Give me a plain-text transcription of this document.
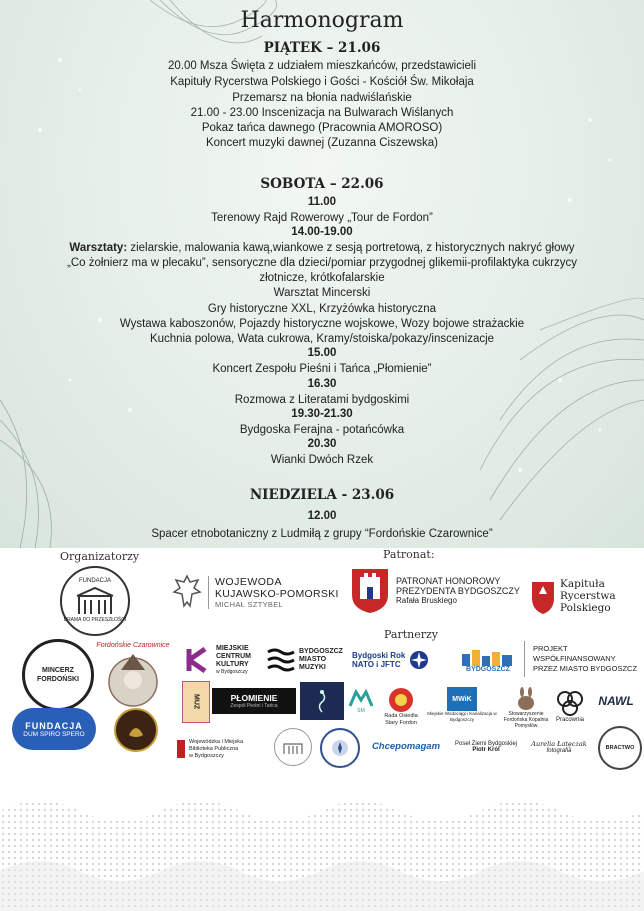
Harmonogram
PIĄTEK – 21.06
20.00 Msza Święta z udziałem mieszkańców, przedstawicieli
Kapituły Rycerstwa Polskiego i Gości - Kościół Św. Mikołaja
Przemarsz na błonia nadwiślańskie
21.00 - 23.00 Inscenizacja na Bulwarach Wiślanych
Pokaz tańca dawnego (Pracownia AMOROSO)
Koncert muzyki dawnej (Zuzanna Ciszewska)
SOBOTA – 22.06
11.00
Terenowy Rajd Rowerowy „Tour de Fordon”
14.00-19.00
Warsztaty: zielarskie, malowania kawą,wiankowe z sesją portretową, z historycznych nakryć głowy
„Co żołnierz ma w plecaku”, sensoryczne dla dzieci/pomiar przygodnej glikemii-profilaktyka cukrzycy
złotnicze, krótkofalarskie
Warsztat Mincerski
Gry historyczne XXL, Krzyżówka historyczna
Wystawa kaboszonów, Pojazdy historyczne wojskowe, Wozy bojowe strażackie
Kuchnia polowa, Wata cukrowa, Kramy/stoiska/pokazy/inscenizacje
15.00
Koncert Zespołu Pieśni i Tańca „Płomienie”
16.30
Rozmowa z Literatami bydgoskimi
19.30-21.30
Bydgoska Ferajna - potańcówka
20.30
Wianki Dwóch Rzek
NIEDZIELA - 23.06
12.00
Spacer etnobotaniczny z Ludmiłą z grupy “Fordońskie Czarownice”
Organizatorzy	Patronat:
Partnerzy
FUNDACJA
BRAMA DO PRZESZŁOŚCI
WOJEWODA
KUJAWSKO-POMORSKI
MICHAŁ SZTYBEL
PATRONAT HONOROWY
PREZYDENTA BYDGOSZCZY
Rafała Bruskiego
Kapituła
Rycerstwa
Polskiego
MINCERZ FORDOŃSKI
Fordońskie Czarownice	MIEJSKIE
CENTRUM
KULTURY
w Bydgoszczy
BYDGOSZCZ
MIASTO
MUZYKI
Bydgoski Rok
NATO i JFTC	BYDGOSZCZ
PROJEKT
WSPÓŁFINANSOWANY
PRZEZ MIASTO BYDGOSZCZ
MUZ	PŁOMIENIE
Zespół Pieśni i Tańca
SM
Rada Osiedla
Stary Fordon
MWiK
Miejskie Wodociągi i Kanalizacja w Bydgoszczy
Stowarzyszenie
Fordońska Kopalnia
Pomysłów
Pracownia
NAWL
FUNDACJA
DUM SPIRO SPERO
Wojewódzka i Miejska
Biblioteka Publiczna
w Bydgoszczy
Chcepomagam Poseł Ziemi Bydgoskiej
Piotr Król
Aurelia Łatęczak
fotografia	BRACTWO
